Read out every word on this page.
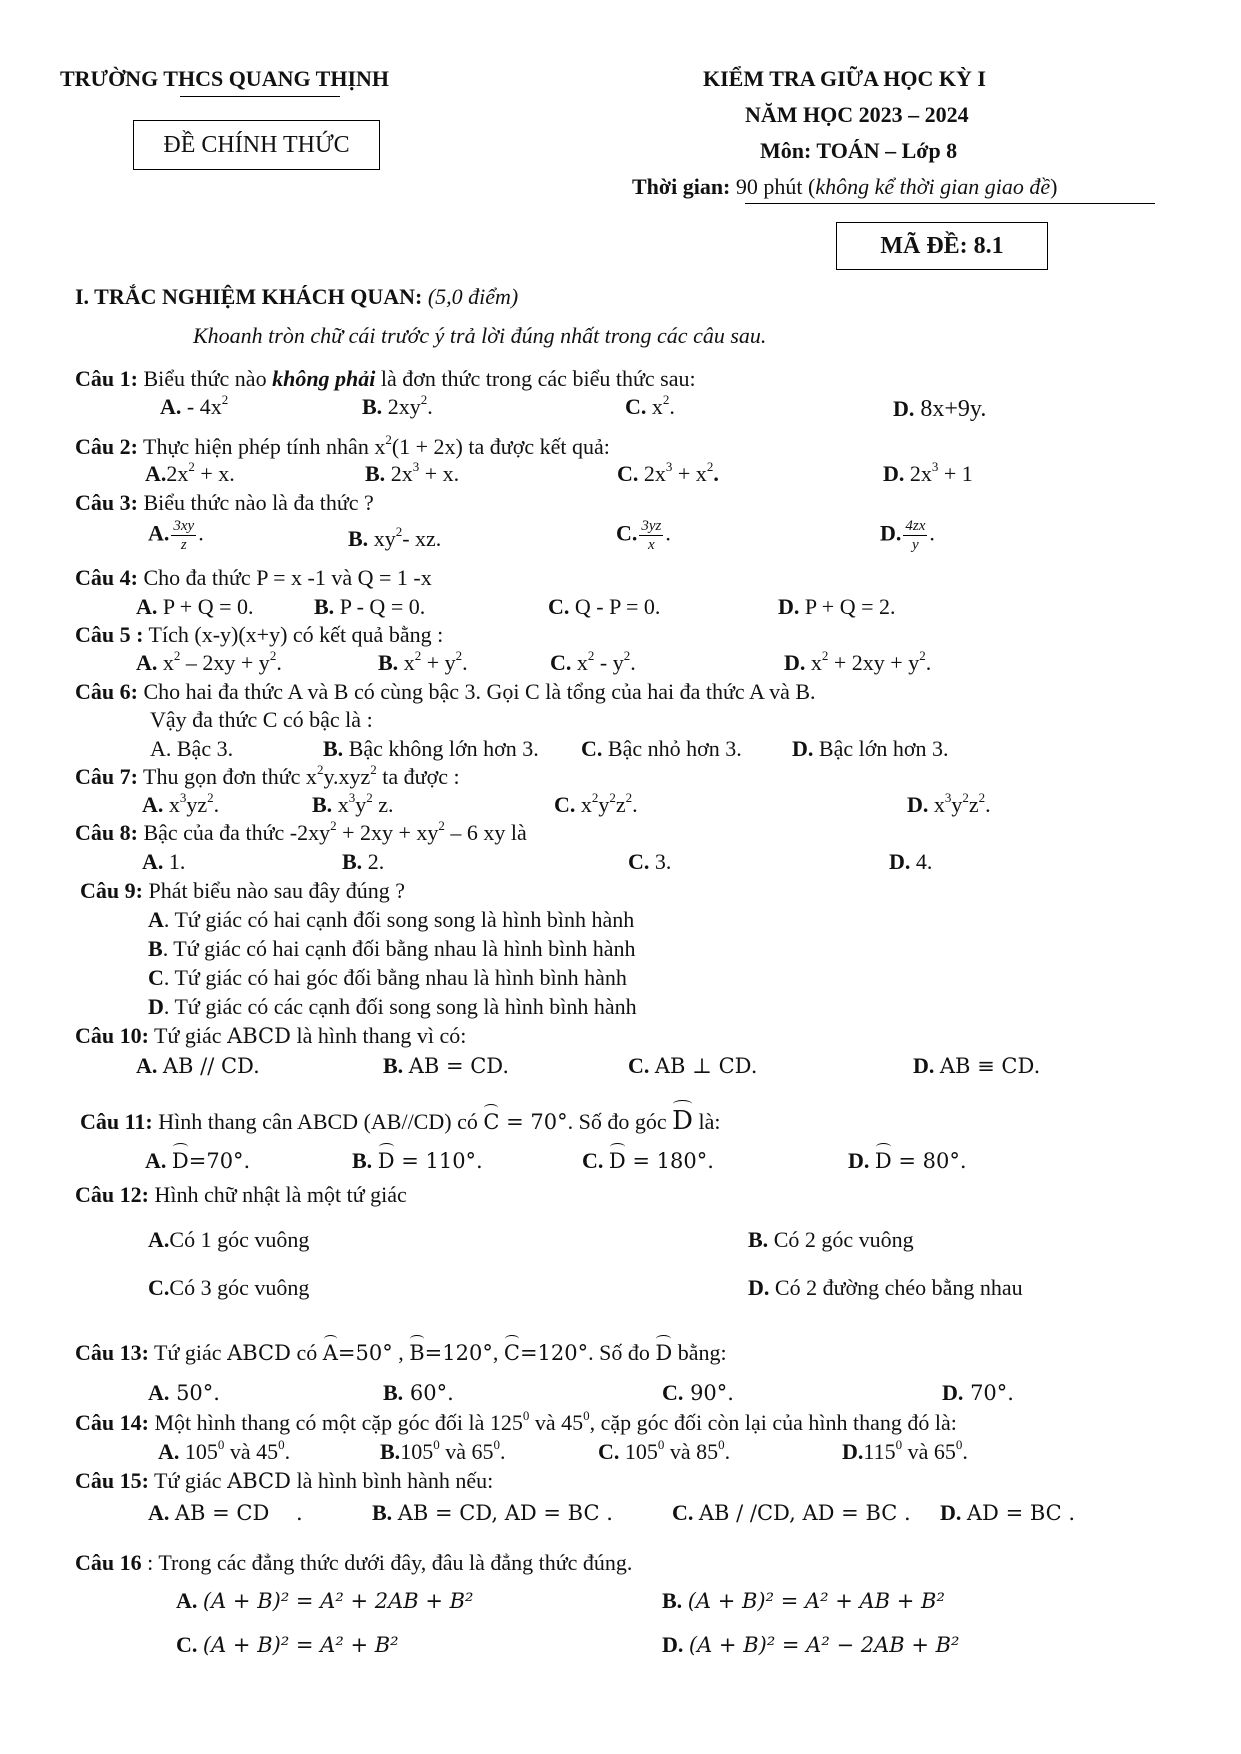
TRƯỜNG THCS QUANG THỊNH
ĐỀ CHÍNH THỨC
KIỂM TRA GIỮA HỌC KỲ I
NĂM HỌC 2023 – 2024
Môn: TOÁN – Lớp 8
Thời gian: 90 phút (không kể thời gian giao đề)
MÃ ĐỀ: 8.1
I. TRẮC NGHIỆM KHÁCH QUAN: (5,0 điểm)
Khoanh tròn chữ cái trước ý trả lời đúng nhất trong các câu sau.
Câu 1: Biểu thức nào không phải là đơn thức trong các biểu thức sau:
A. - $4x^2$	B. $2xy^2$.	C. $x^2$.	D. 8x+9y.
Câu 2: Thực hiện phép tính nhân $x^2(1 + 2x)$ ta được kết quả:
$A.2x^2 + x$.	B. $2x^3 + x$.	C. $2x^3 + x^2$.	D. $2x^3 + 1$
Câu 3: Biểu thức nào là đa thức ?
A. $\frac{3xy}{z}$ .	B. $xy^2-$ xz.	C. $\frac{3yz}{x}$ .	D. $\frac{4zx}{y}$ .
Câu 4: Cho đa thức P = x -1 và Q = 1 -x
A. P + Q = 0.	B. P - Q = 0.	C. Q - P = 0.	D. P + Q = 2.
Câu 5 : Tích (x-y)(x+y) có kết quả bằng :
A. $x^2 - 2xy + y^2$.	B. $x^2 + y^2$.	C. $x^2 - y^2$.	D. $x^2 + 2xy + y^2$.
Câu 6: Cho hai đa thức A và B có cùng bậc 3. Gọi C là tổng của hai đa thức A và B.
Vậy đa thức C có bậc là :
A. Bậc 3.	B. Bậc không lớn hơn 3. C. Bậc nhỏ hơn 3. D. Bậc lớn hơn 3.
Câu 7: Thu gọn đơn thức $x^2y.xyz^2$ ta được :
A. $x^3yz^2$.	B. $x^3y^2$ z.	C. $x^2y^2z^2$.	D. $x^3y^2z^2$.
Câu 8: Bậc của đa thức $-2xy^2 + 2xy + xy^2 - 6$ xy là
A. 1.	B. 2.	C. 3.	D. 4.
Câu 9: Phát biểu nào sau đây đúng ?
A. Tứ giác có hai cạnh đối song song là hình bình hành
B. Tứ giác có hai cạnh đối bằng nhau là hình bình hành
C. Tứ giác có hai góc đối bằng nhau là hình bình hành
D. Tứ giác có các cạnh đối song song là hình bình hành
Câu 10: Tứ giác ABCD là hình thang vì có:
A. AB // CD.	B. AB = CD.	C. AB ⊥ CD.	D. AB ≡ CD.
Câu 11: Hình thang cân ABCD (AB//CD) có C = 70°. Số đo góc D là:
A. D=70°.	B. D = 110°.	C. D = 180°.	D. D = 80°.
Câu 12: Hình chữ nhật là một tứ giác
A.Có 1 góc vuông	B. Có 2 góc vuông
C.Có 3 góc vuông	D. Có 2 đường chéo bằng nhau
Câu 13: Tứ giác ABCD có A=50° , B=120°, C=120°. Số đo D bằng:
A. 50°.	B. 60°.	C. 90°.	D. 70°.
Câu 14: Một hình thang có một cặp góc đối là $125^0$ và $45^0$, cặp góc đối còn lại của hình thang đó là:
A. $105^0$ và $45^0$.	B.105$^0$ và $65^0$.	C. $105^0$ và $85^0$.	D.115$^0$ và $65^0$.
Câu 15: Tứ giác ABCD là hình bình hành nếu:
A. AB = CD    .	B. AB = CD, AD = BC .	C. AB / /CD, AD = BC . D. AD = BC .
Câu 16 : Trong các đẳng thức dưới đây, đâu là đẳng thức đúng.
A. (A + B)² = A² + 2AB + B²	B. (A + B)² = A² + AB + B²
C. (A + B)² = A² + B²	D. (A + B)² = A² − 2AB + B²
